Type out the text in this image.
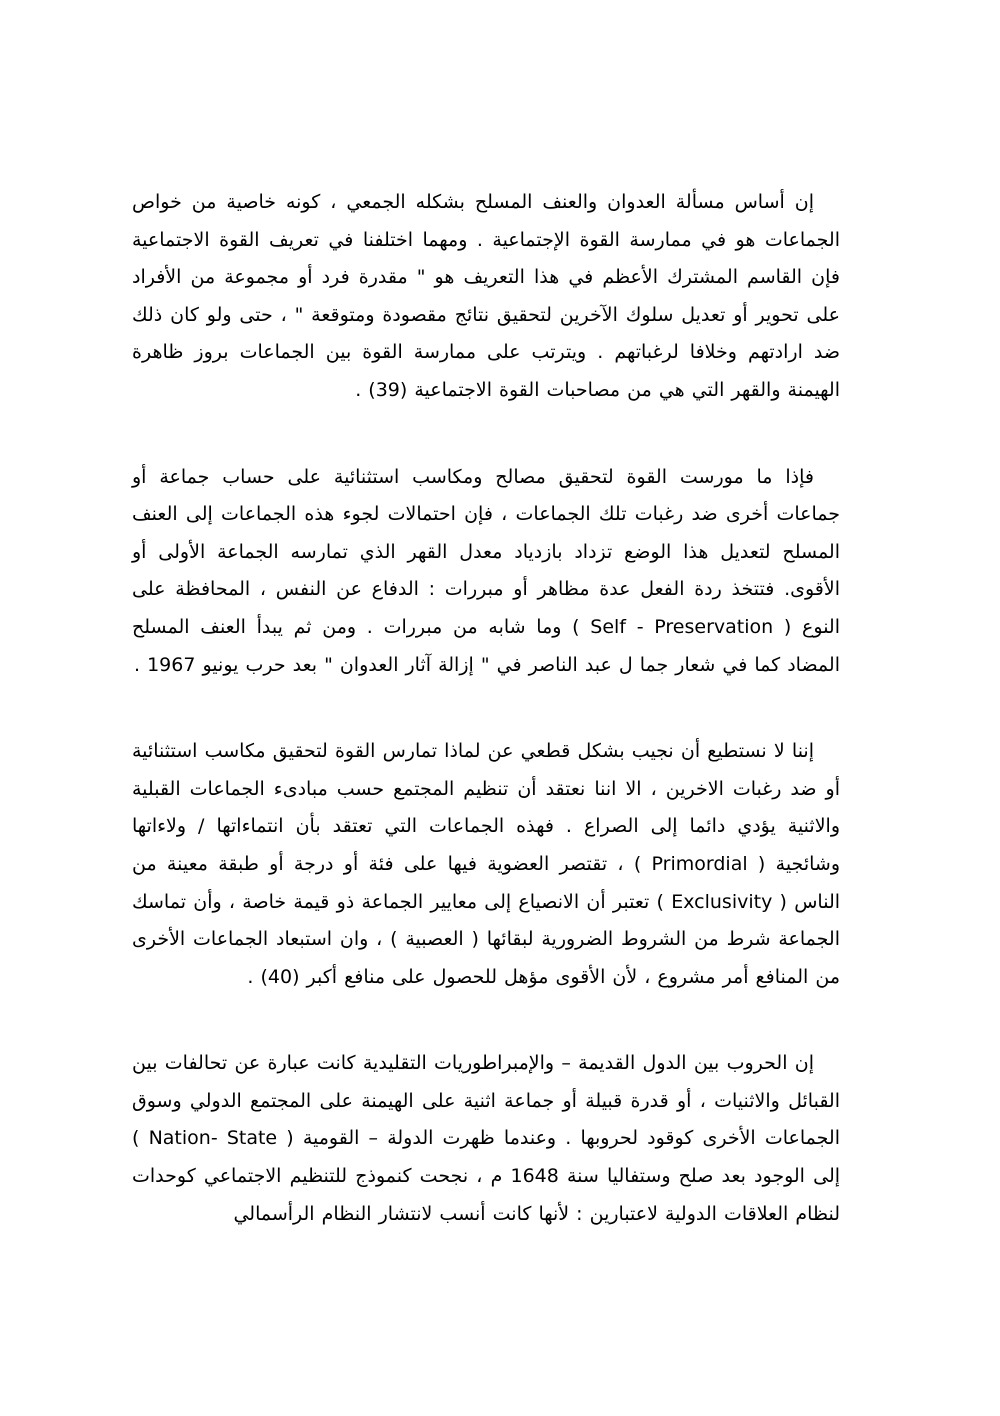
إن أساس مسألة العدوان والعنف المسلح بشكله الجمعي ، كونه خاصية من خواص الجماعات هو في ممارسة القوة الإجتماعية . ومهما اختلفنا في تعريف القوة الاجتماعية فإن القاسم المشترك الأعظم في هذا التعريف هو " مقدرة فرد أو مجموعة من الأفراد على تحوير أو تعديل سلوك الآخرين لتحقيق نتائج مقصودة ومتوقعة " ، حتى ولو كان ذلك ضد ارادتهم وخلافا لرغباتهم . ويترتب على ممارسة القوة بين الجماعات بروز ظاهرة الهيمنة والقهر التي هي من مصاحبات القوة الاجتماعية (39) .

فإذا ما مورست القوة لتحقيق مصالح ومكاسب استثنائية على حساب جماعة أو جماعات أخرى ضد رغبات تلك الجماعات ، فإن احتمالات لجوء هذه الجماعات إلى العنف المسلح لتعديل هذا الوضع تزداد بازدياد معدل القهر الذي تمارسه الجماعة الأولى أو الأقوى. فتتخذ ردة الفعل عدة مظاهر أو مبررات : الدفاع عن النفس ، المحافظة على النوع ( Self - Preservation ) وما شابه من مبررات . ومن ثم يبدأ العنف المسلح المضاد كما في شعار جما ل عبد الناصر في " إزالة آثار العدوان " بعد حرب يونيو 1967 .

إننا لا نستطيع أن نجيب بشكل قطعي عن لماذا تمارس القوة لتحقيق مكاسب استثنائية أو ضد رغبات الاخرين ، الا اننا نعتقد أن تنظيم المجتمع حسب مبادىء الجماعات القبلية والاثنية يؤدي دائما إلى الصراع . فهذه الجماعات التي تعتقد بأن انتماءاتها / ولاءاتها وشائجية ( Primordial ) ، تقتصر العضوية فيها على فئة أو درجة أو طبقة معينة من الناس ( Exclusivity ) تعتبر أن الانصياع إلى معايير الجماعة ذو قيمة خاصة ، وأن تماسك الجماعة شرط من الشروط الضرورية لبقائها ( العصبية ) ، وان استبعاد الجماعات الأخرى من المنافع أمر مشروع ، لأن الأقوى مؤهل للحصول على منافع أكبر (40) .

إن الحروب بين الدول القديمة – والإمبراطوريات التقليدية كانت عبارة عن تحالفات بين القبائل والاثنيات ، أو قدرة قبيلة أو جماعة اثنية على الهيمنة على المجتمع الدولي وسوق الجماعات الأخرى كوقود لحروبها . وعندما ظهرت الدولة – القومية ( Nation- State ) إلى الوجود بعد صلح وستفاليا سنة 1648 م ، نجحت كنموذج للتنظيم الاجتماعي كوحدات لنظام العلاقات الدولية لاعتبارين : لأنها كانت أنسب لانتشار النظام الرأسمالي
